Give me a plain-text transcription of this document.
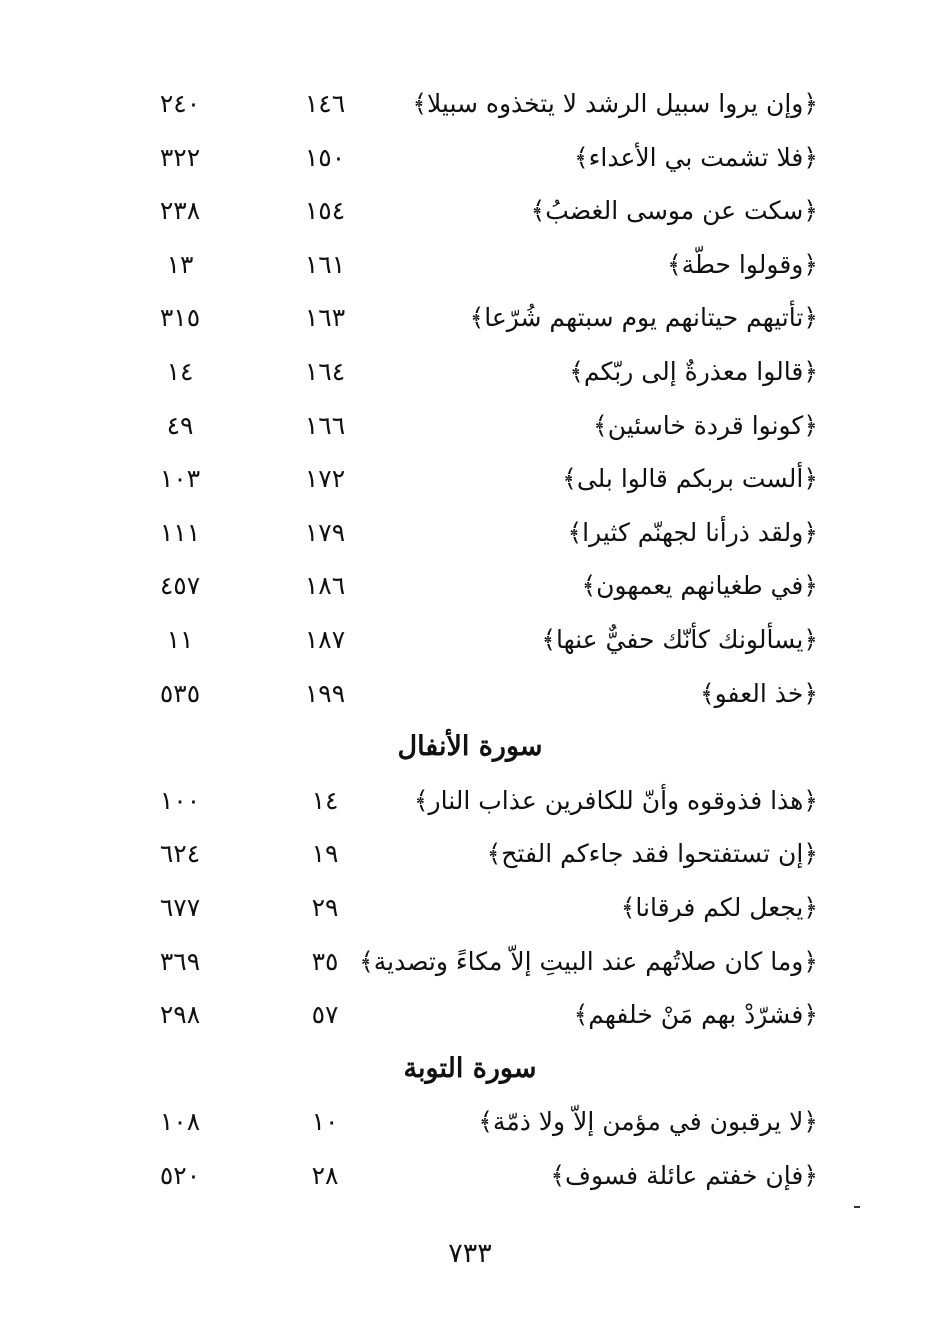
﴿وإن يروا سبيل الرشد لا يتخذوه سبيلا﴾
١٤٦
٢٤٠
﴿فلا تشمت بي الأعداء﴾
١٥٠
٣٢٢
﴿سكت عن موسى الغضبُ﴾
١٥٤
٢٣٨
﴿وقولوا حطّة﴾
١٦١
١٣
﴿تأتيهم حيتانهم يوم سبتهم شُرّعا﴾
١٦٣
٣١٥
﴿قالوا معذرةٌ إلى ربّكم﴾
١٦٤
١٤
﴿كونوا قردة خاسئين﴾
١٦٦
٤٩
﴿ألست بربكم قالوا بلى﴾
١٧٢
١٠٣
﴿ولقد ذرأنا لجهنّم كثيرا﴾
١٧٩
١١١
﴿في طغيانهم يعمهون﴾
١٨٦
٤٥٧
﴿يسألونك كأنّك حفيٌّ عنها﴾
١٨٧
١١
﴿خذ العفو﴾
١٩٩
٥٣٥
سورة الأنفال
﴿هذا فذوقوه وأنّ للكافرين عذاب النار﴾
١٤
١٠٠
﴿إن تستفتحوا فقد جاءكم الفتح﴾
١٩
٦٢٤
﴿يجعل لكم فرقانا﴾
٢٩
٦٧٧
﴿وما كان صلاتُهم عند البيتِ إلاّ مكاءً وتصدية﴾
٣٥
٣٦٩
﴿فشرّدْ بهم مَنْ خلفهم﴾
٥٧
٢٩٨
سورة التوبة
﴿لا يرقبون في مؤمن إلاّ ولا ذمّة﴾
١٠
١٠٨
﴿فإن خفتم عائلة فسوف﴾
٢٨
٥٢٠
٧٣٣
